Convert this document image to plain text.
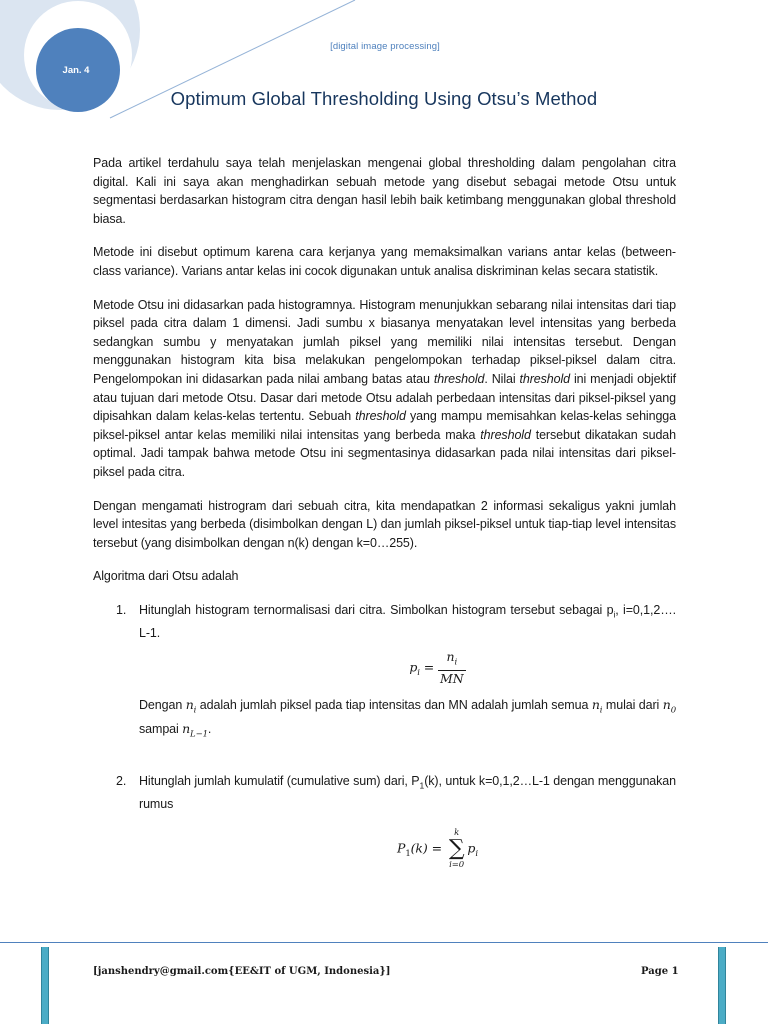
Jan. 4
[digital image processing]
Optimum Global Thresholding Using Otsu’s Method

Pada artikel terdahulu saya telah menjelaskan mengenai global thresholding dalam pengolahan citra digital. Kali ini saya akan menghadirkan sebuah metode yang disebut sebagai metode Otsu untuk segmentasi berdasarkan histogram citra dengan hasil lebih baik ketimbang menggunakan global threshold biasa.

Metode ini disebut optimum karena cara kerjanya yang memaksimalkan varians antar kelas (between-class variance). Varians antar kelas ini cocok digunakan untuk analisa diskriminan kelas secara statistik.

Metode Otsu ini didasarkan pada histogramnya. Histogram menunjukkan sebarang nilai intensitas dari tiap piksel pada citra dalam 1 dimensi. Jadi sumbu x biasanya menyatakan level intensitas yang berbeda sedangkan sumbu y menyatakan jumlah piksel yang memiliki nilai intensitas tersebut. Dengan menggunakan histogram kita bisa melakukan pengelompokan terhadap piksel-piksel dalam citra. Pengelompokan ini didasarkan pada nilai ambang batas atau threshold. Nilai threshold ini menjadi objektif atau tujuan dari metode Otsu. Dasar dari metode Otsu adalah perbedaan intensitas dari piksel-piksel yang dipisahkan dalam kelas-kelas tertentu. Sebuah threshold yang mampu memisahkan kelas-kelas sehingga piksel-piksel antar kelas memiliki nilai intensitas yang berbeda maka threshold tersebut dikatakan sudah optimal. Jadi tampak bahwa metode Otsu ini segmentasinya didasarkan pada nilai intensitas dari piksel-piksel pada citra.

Dengan mengamati histrogram dari sebuah citra, kita mendapatkan 2 informasi sekaligus yakni jumlah level intesitas yang berbeda (disimbolkan dengan L) dan jumlah piksel-piksel untuk tiap-tiap level intensitas tersebut (yang disimbolkan dengan n(k) dengan k=0…255).

Algoritma dari Otsu adalah

1.	Hitunglah histogram ternormalisasi dari citra. Simbolkan histogram tersebut sebagai $p_i$, i=0,1,2…. L-1.
$p_i = \frac{n_i}{MN}$
Dengan $n_i$ adalah jumlah piksel pada tiap intensitas dan MN adalah jumlah semua $n_i$ mulai dari $n_0$ sampai $n_{L-1}$.
2.	Hitunglah jumlah kumulatif (cumulative sum) dari, $P_1(k)$, untuk k=0,1,2…L-1 dengan menggunakan rumus
$P_1(k)$ =
k
∑
i=0
$p_i$
[janshendry@gmail.com{EE&IT of UGM, Indonesia}]	Page 1
